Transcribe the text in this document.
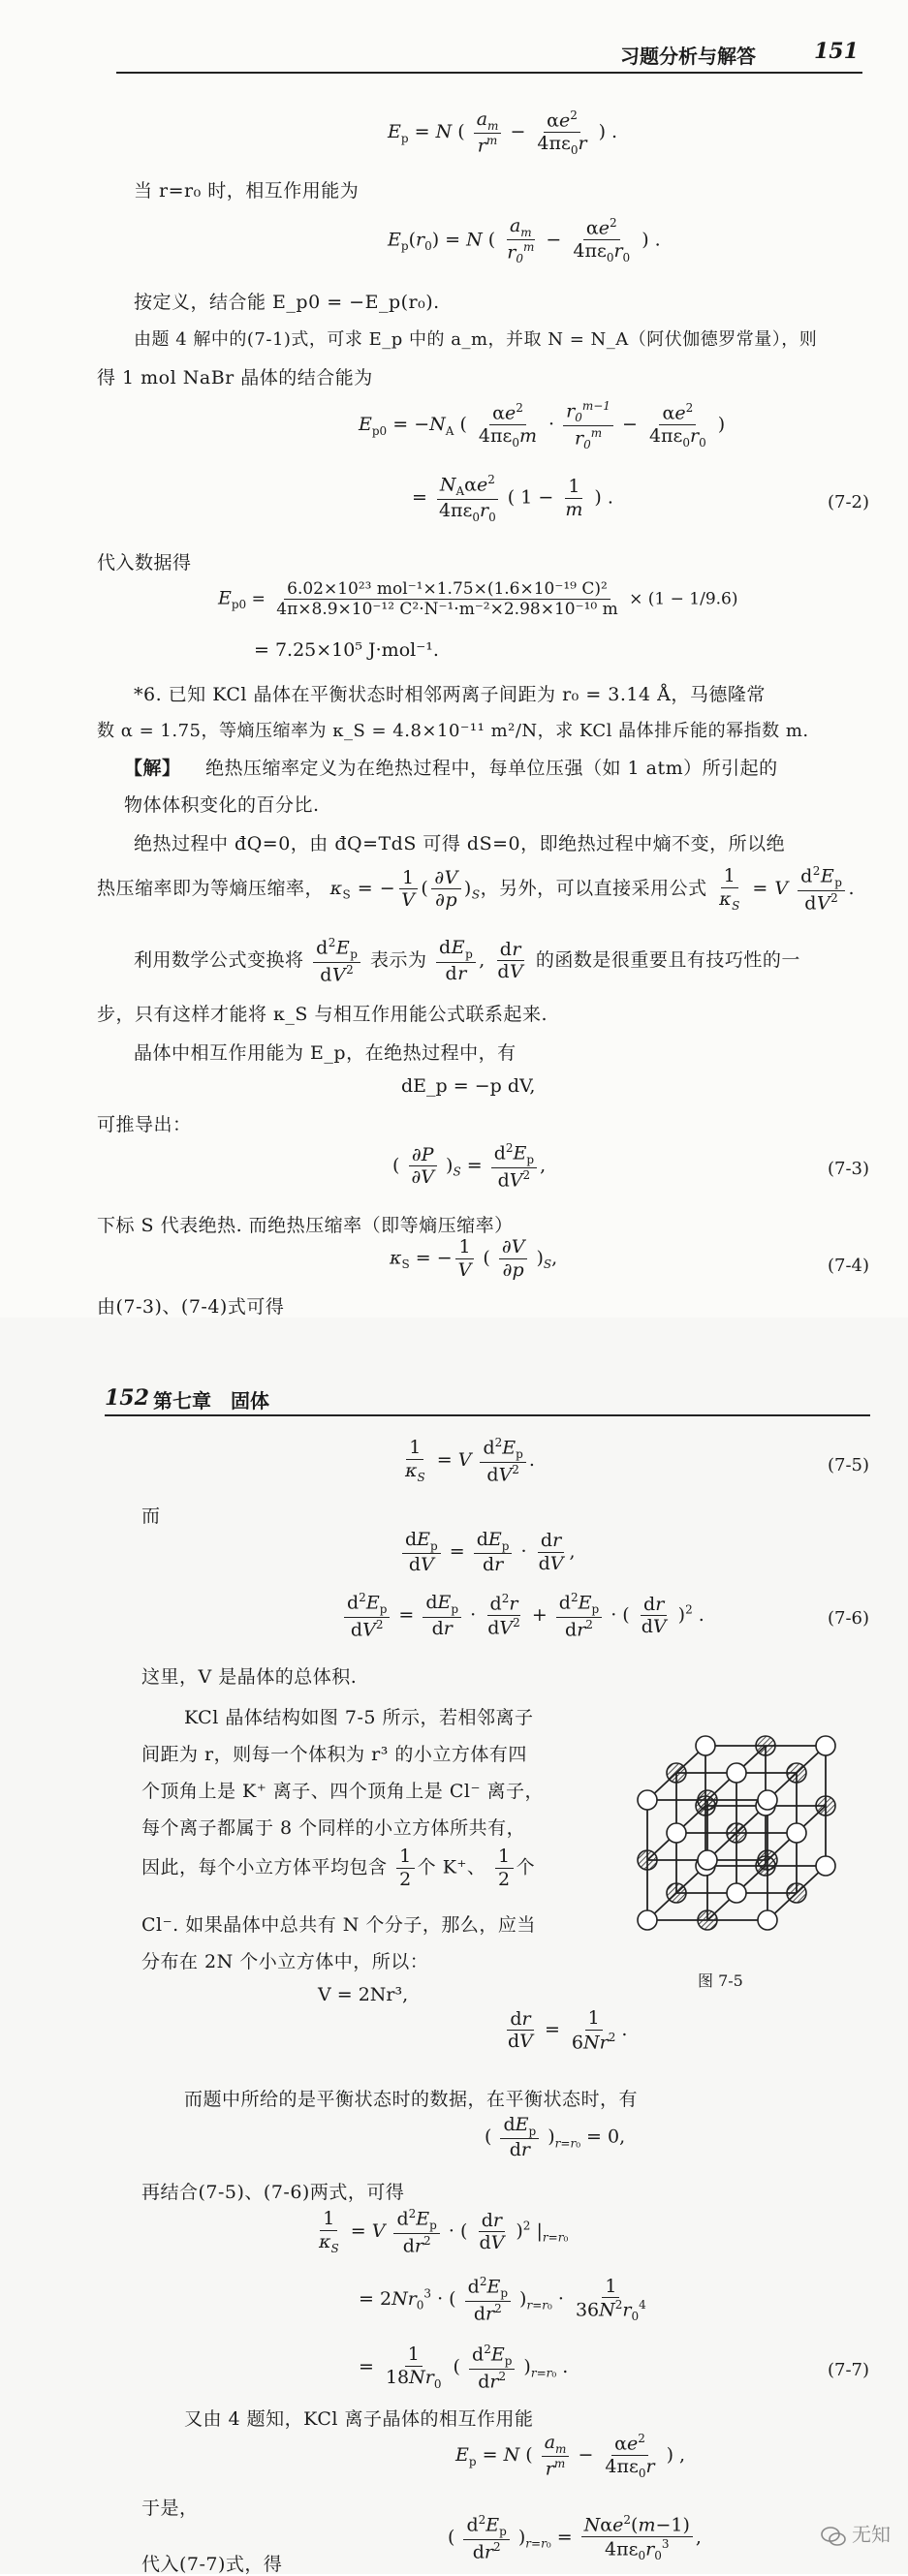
习题分析与解答	151
$E_p = N$ ( $\frac{a_m}{r^m} - \frac{\alpha e^2}{4\pi\varepsilon_0r}$ ) .
当 r=r₀ 时，相互作用能为
$E_p(r_0) = N$ ( $\frac{a_m}{r_0^m} - \frac{\alpha e^2}{4\pi\varepsilon_0r_0}$ ) .
按定义，结合能 E_p0 = −E_p(r₀).
由题 4 解中的(7-1)式，可求 E_p 中的 a_m，并取 N = N_A（阿伏伽德罗常量），则
得 1 mol NaBr 晶体的结合能为
$E_{p0} = -N_A$ ( $\frac{\alpha e^2}{4\pi\varepsilon_0m} \cdot \frac{r_0^{m-1}}{r_0^m} - \frac{\alpha e^2}{4\pi\varepsilon_0r_0}$ )
= $\frac{N_A\alpha e^2}{4\pi\varepsilon_0r_0}$ ( $1 - \frac{1}{m}$ ) .	(7-2)
代入数据得
$E_{p0} = \frac{\text{6.02×10²³ mol⁻¹×1.75×(1.6×10⁻¹⁹ C)²}}{\text{4π×8.9×10⁻¹² C²·N⁻¹·m⁻²×2.98×10⁻¹⁰ m}} \times (1 - 1/9.6)$
= 7.25×10⁵ J·mol⁻¹.
*6. 已知 KCl 晶体在平衡状态时相邻两离子间距为 r₀ = 3.14 Å，马德隆常
数 α = 1.75，等熵压缩率为 κ_S = 4.8×10⁻¹¹ m²/N，求 KCl 晶体排斥能的幂指数 m.
【解】 绝热压缩率定义为在绝热过程中，每单位压强（如 1 atm）所引起的
物体体积变化的百分比.
绝热过程中 đQ=0，由 đQ=TdS 可得 dS=0，即绝热过程中熵不变，所以绝
热压缩率即为等熵压缩率， $\kappa_S$ = − $\frac{1}{V}$ ( $\frac{\partial V}{\partial p} )_S$，另外，可以直接采用公式 $\frac{1}{\kappa_S} = V \frac{d^2E_p}{dV^2}$ .
利用数学公式变换将 $\frac{d^2E_p}{dV^2}$ 表示为 $\frac{dE_p}{dr}$ , $\frac{dr}{dV}$ 的函数是很重要且有技巧性的一
步，只有这样才能将 κ_S 与相互作用能公式联系起来.
晶体中相互作用能为 E_p，在绝热过程中，有
dE_p = −p dV,
可推导出：
( $\frac{\partial P}{\partial V} )_S = \frac{d^2E_p}{dV^2}$ ,	(7-3)
下标 S 代表绝热. 而绝热压缩率（即等熵压缩率）
$\kappa_S$ = − $\frac{1}{V}$ ( $\frac{\partial V}{\partial p} )_S$,	(7-4)
由(7-3)、(7-4)式可得
152 第七章　固体
$\frac{1}{\kappa_S} = V \frac{d^2E_p}{dV^2}$ .	(7-5)
而
$\frac{dE_p}{dV} = \frac{dE_p}{dr} \cdot \frac{dr}{dV}$ ,
$\frac{d^2E_p}{dV^2} = \frac{dE_p}{dr} \cdot \frac{d^2r}{dV^2} + \frac{d^2E_p}{dr^2}$ · ( $\frac{dr}{dV} )^2$ .	(7-6)
这里，V 是晶体的总体积.
KCl 晶体结构如图 7-5 所示，若相邻离子
间距为 r，则每一个体积为 r³ 的小立方体有四
个顶角上是 K⁺ 离子、四个顶角上是 Cl⁻ 离子，
每个离子都属于 8 个同样的小立方体所共有，
因此，每个小立方体平均包含 $\frac{1}{2}$ 个 K⁺、 $\frac{1}{2}$ 个
Cl⁻. 如果晶体中总共有 N 个分子，那么，应当
分布在 2N 个小立方体中，所以：
V = 2Nr³,
图 7-5
$\frac{dr}{dV} = \frac{1}{6Nr^2}$ .
而题中所给的是平衡状态时的数据，在平衡状态时，有
( $\frac{dE_p}{dr} )_{r=r_0} = 0$,
再结合(7-5)、(7-6)两式，可得
$\frac{1}{\kappa_S} = V \frac{d^2E_p}{dr^2}$ · ( $\frac{dr}{dV} )^2$ $|_{r=r_0}$
= $2Nr_0^3$ · ( $\frac{d^2E_p}{dr^2} )_{r=r_0} \cdot \frac{1}{36N^2r_0^4}$
= $\frac{1}{18Nr_0}$ ( $\frac{d^2E_p}{dr^2} )_{r=r_0}$ .	(7-7)
又由 4 题知，KCl 离子晶体的相互作用能
$E_p = N$ ( $\frac{a_m}{r^m} - \frac{\alpha e^2}{4\pi\varepsilon_0r}$ ) ,
于是，
( $\frac{d^2E_p}{dr^2} )_{r=r_0} = \frac{N\alpha e^2(m-1)}{4\pi\varepsilon_0r_0^3}$ ,
代入(7-7)式，得
无知
